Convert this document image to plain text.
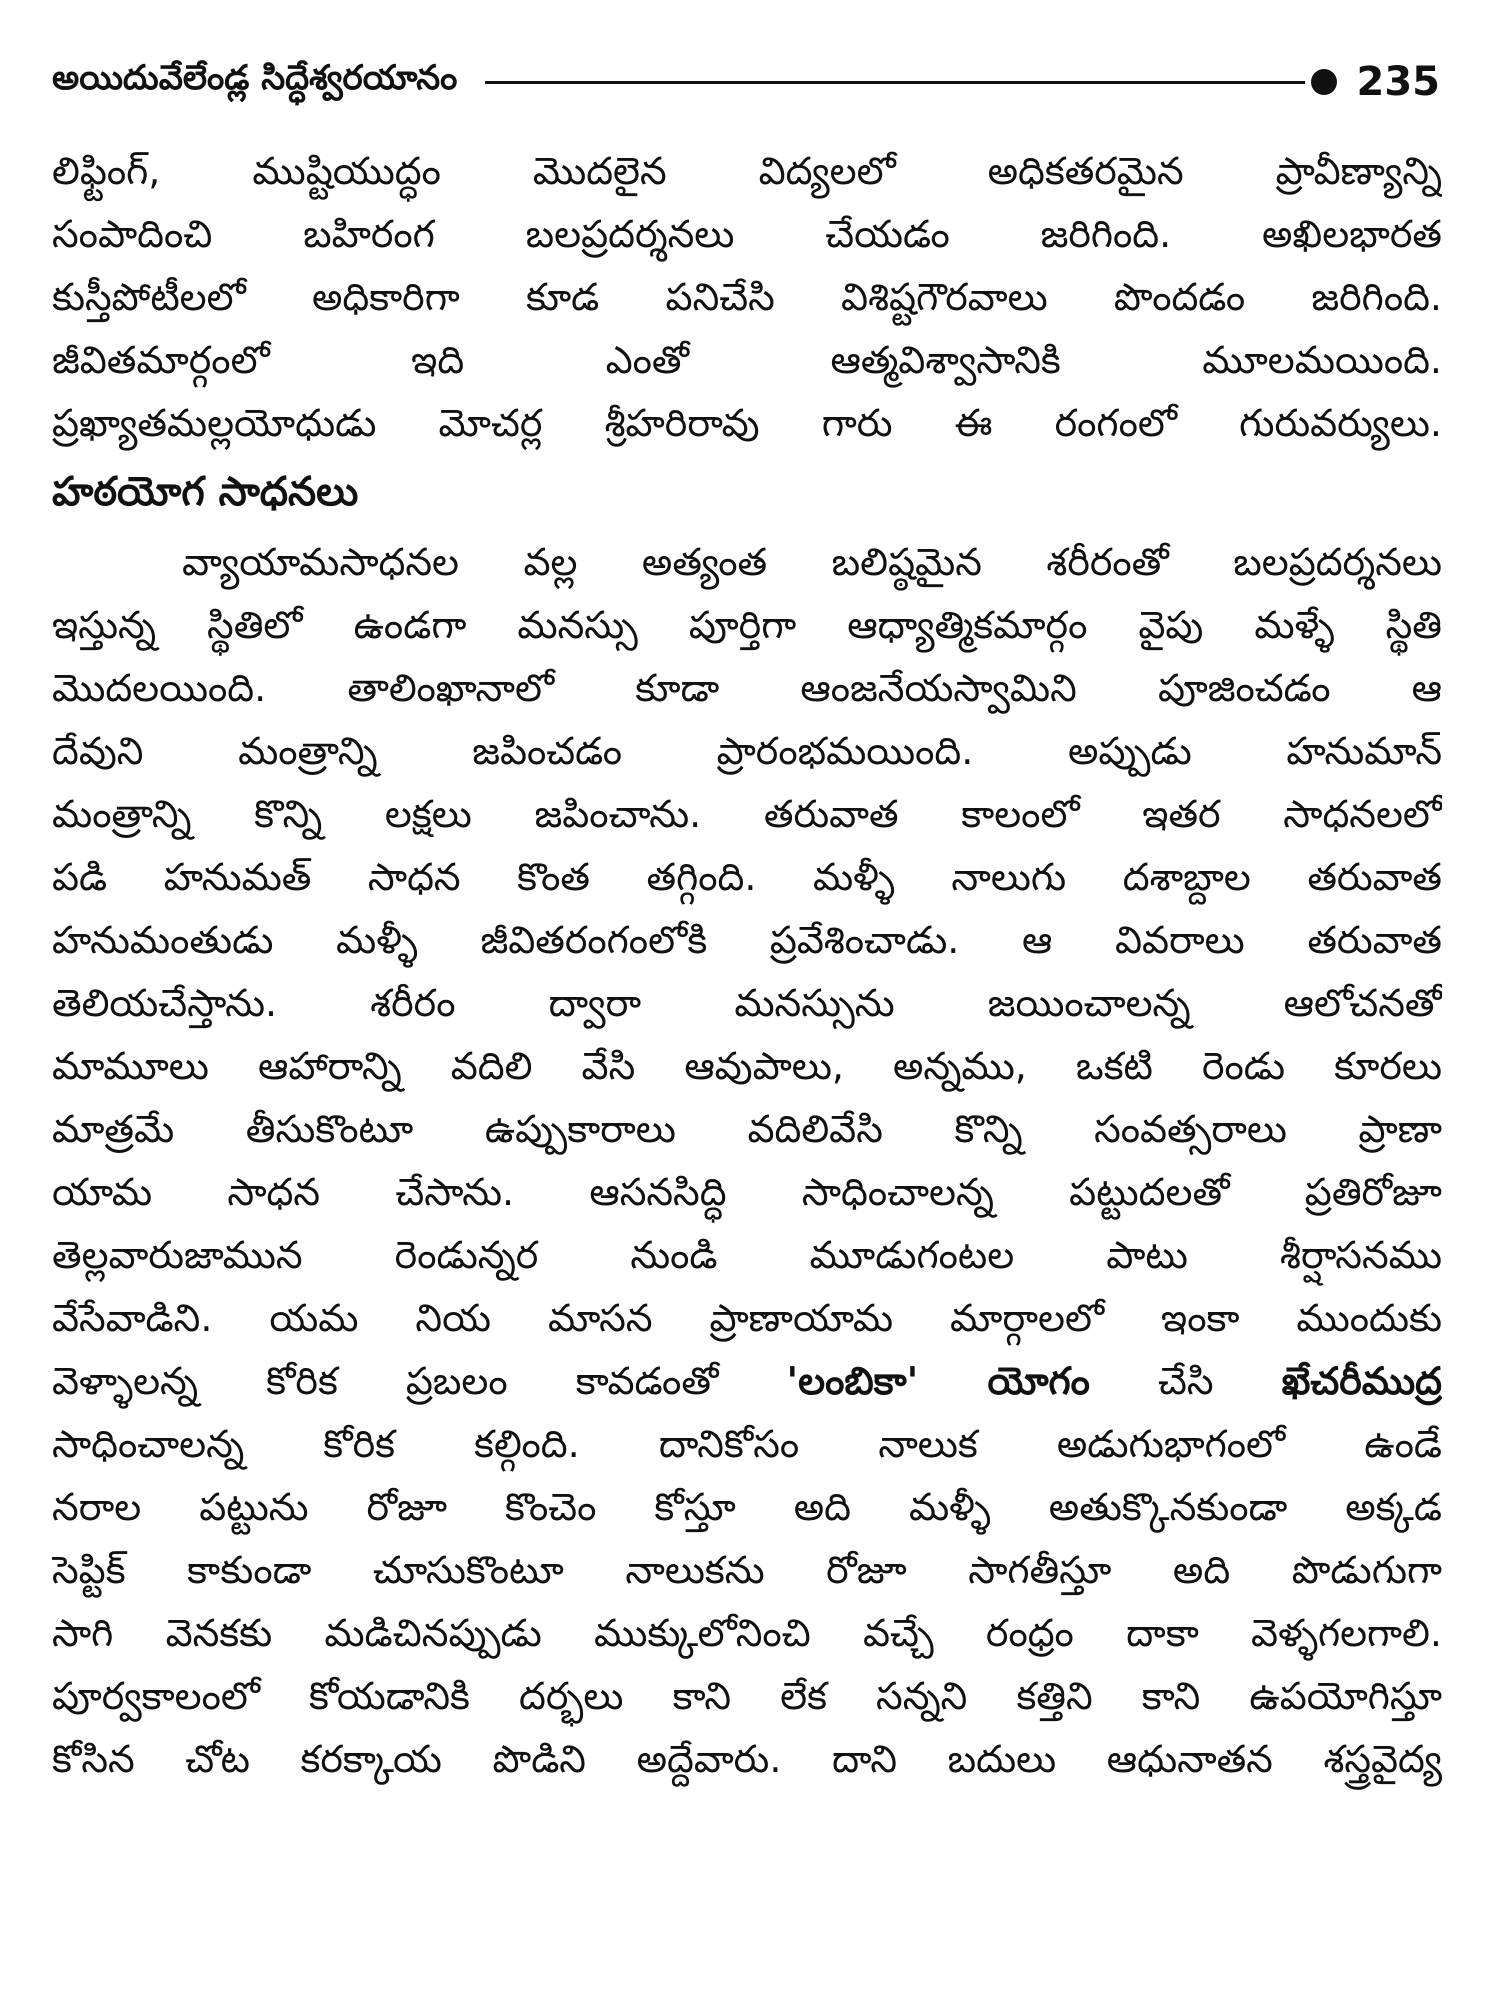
అయిదువేలేండ్ల సిద్ధేశ్వరయానం	235
లిఫ్టింగ్, ముష్టియుద్ధం మొదలైన విద్యలలో అధికతరమైన ప్రావీణ్యాన్ని
సంపాదించి బహిరంగ బలప్రదర్శనలు చేయడం జరిగింది. అఖిలభారత
కుస్తీపోటీలలో అధికారిగా కూడ పనిచేసి విశిష్టగౌరవాలు పొందడం జరిగింది.
జీవితమార్గంలో ఇది ఎంతో ఆత్మవిశ్వాసానికి మూలమయింది.
ప్రఖ్యాతమల్లయోధుడు మోచర్ల శ్రీహరిరావు గారు ఈ రంగంలో గురువర్యులు.
హఠయోగ సాధనలు
వ్యాయామసాధనల వల్ల అత్యంత బలిష్ఠమైన శరీరంతో బలప్రదర్శనలు
ఇస్తున్న స్థితిలో ఉండగా మనస్సు పూర్తిగా ఆధ్యాత్మికమార్గం వైపు మళ్ళే స్థితి
మొదలయింది. తాలింఖానాలో కూడా ఆంజనేయస్వామిని పూజించడం ఆ
దేవుని మంత్రాన్ని జపించడం ప్రారంభమయింది. అప్పుడు హనుమాన్
మంత్రాన్ని కొన్ని లక్షలు జపించాను. తరువాత కాలంలో ఇతర సాధనలలో
పడి హనుమత్ సాధన కొంత తగ్గింది. మళ్ళీ నాలుగు దశాబ్దాల తరువాత
హనుమంతుడు మళ్ళీ జీవితరంగంలోకి ప్రవేశించాడు. ఆ వివరాలు తరువాత
తెలియచేస్తాను. శరీరం ద్వారా మనస్సును జయించాలన్న ఆలోచనతో
మామూలు ఆహారాన్ని వదిలి వేసి ఆవుపాలు, అన్నము, ఒకటి రెండు కూరలు
మాత్రమే తీసుకొంటూ ఉప్పుకారాలు వదిలివేసి కొన్ని సంవత్సరాలు ప్రాణా
యామ సాధన చేసాను. ఆసనసిద్ధి సాధించాలన్న పట్టుదలతో ప్రతిరోజూ
తెల్లవారుజామున రెండున్నర నుండి మూడుగంటల పాటు శీర్షాసనము
వేసేవాడిని. యమ నియ మాసన ప్రాణాయామ మార్గాలలో ఇంకా ముందుకు
వెళ్ళాలన్న కోరిక ప్రబలం కావడంతో 'లంబికా' యోగం చేసి ఖేచరీముద్ర
సాధించాలన్న కోరిక కల్గింది. దానికోసం నాలుక అడుగుభాగంలో ఉండే
నరాల పట్టును రోజూ కొంచెం కోస్తూ అది మళ్ళీ అతుక్కొనకుండా అక్కడ
సెప్టిక్ కాకుండా చూసుకొంటూ నాలుకను రోజూ సాగతీస్తూ అది పొడుగుగా
సాగి వెనకకు మడిచినప్పుడు ముక్కులోనించి వచ్చే రంధ్రం దాకా వెళ్ళగలగాలి.
పూర్వకాలంలో కోయడానికి దర్భలు కాని లేక సన్నని కత్తిని కాని ఉపయోగిస్తూ
కోసిన చోట కరక్కాయ పొడిని అద్దేవారు. దాని బదులు ఆధునాతన శస్త్రవైద్య
